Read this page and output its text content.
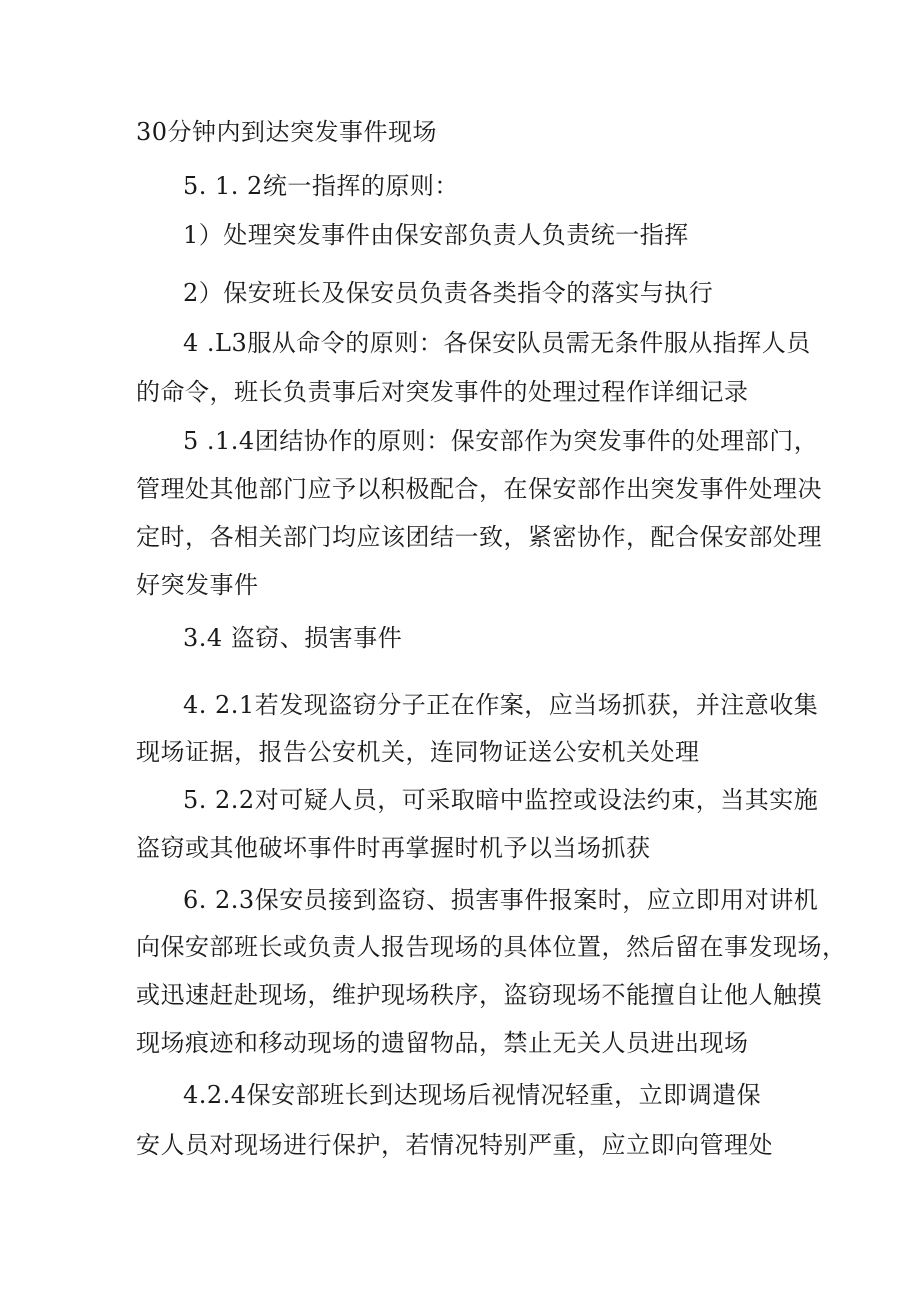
30分钟内到达突发事件现场
5. 1. 2统一指挥的原则：
1）处理突发事件由保安部负责人负责统一指挥
2）保安班长及保安员负责各类指令的落实与执行
4 .L3服从命令的原则：各保安队员需无条件服从指挥人员
的命令，班长负责事后对突发事件的处理过程作详细记录
5 .1.4团结协作的原则：保安部作为突发事件的处理部门，
管理处其他部门应予以积极配合，在保安部作出突发事件处理决
定时，各相关部门均应该团结一致，紧密协作，配合保安部处理
好突发事件
3.4 盗窃、损害事件
4. 2.1若发现盗窃分子正在作案，应当场抓获，并注意收集
现场证据，报告公安机关，连同物证送公安机关处理
5. 2.2对可疑人员，可采取暗中监控或设法约束，当其实施
盗窃或其他破坏事件时再掌握时机予以当场抓获
6. 2.3保安员接到盗窃、损害事件报案时，应立即用对讲机
向保安部班长或负责人报告现场的具体位置，然后留在事发现场，
或迅速赶赴现场，维护现场秩序，盗窃现场不能擅自让他人触摸
现场痕迹和移动现场的遗留物品，禁止无关人员进出现场
4.2.4保安部班长到达现场后视情况轻重，立即调遣保
安人员对现场进行保护，若情况特别严重，应立即向管理处
